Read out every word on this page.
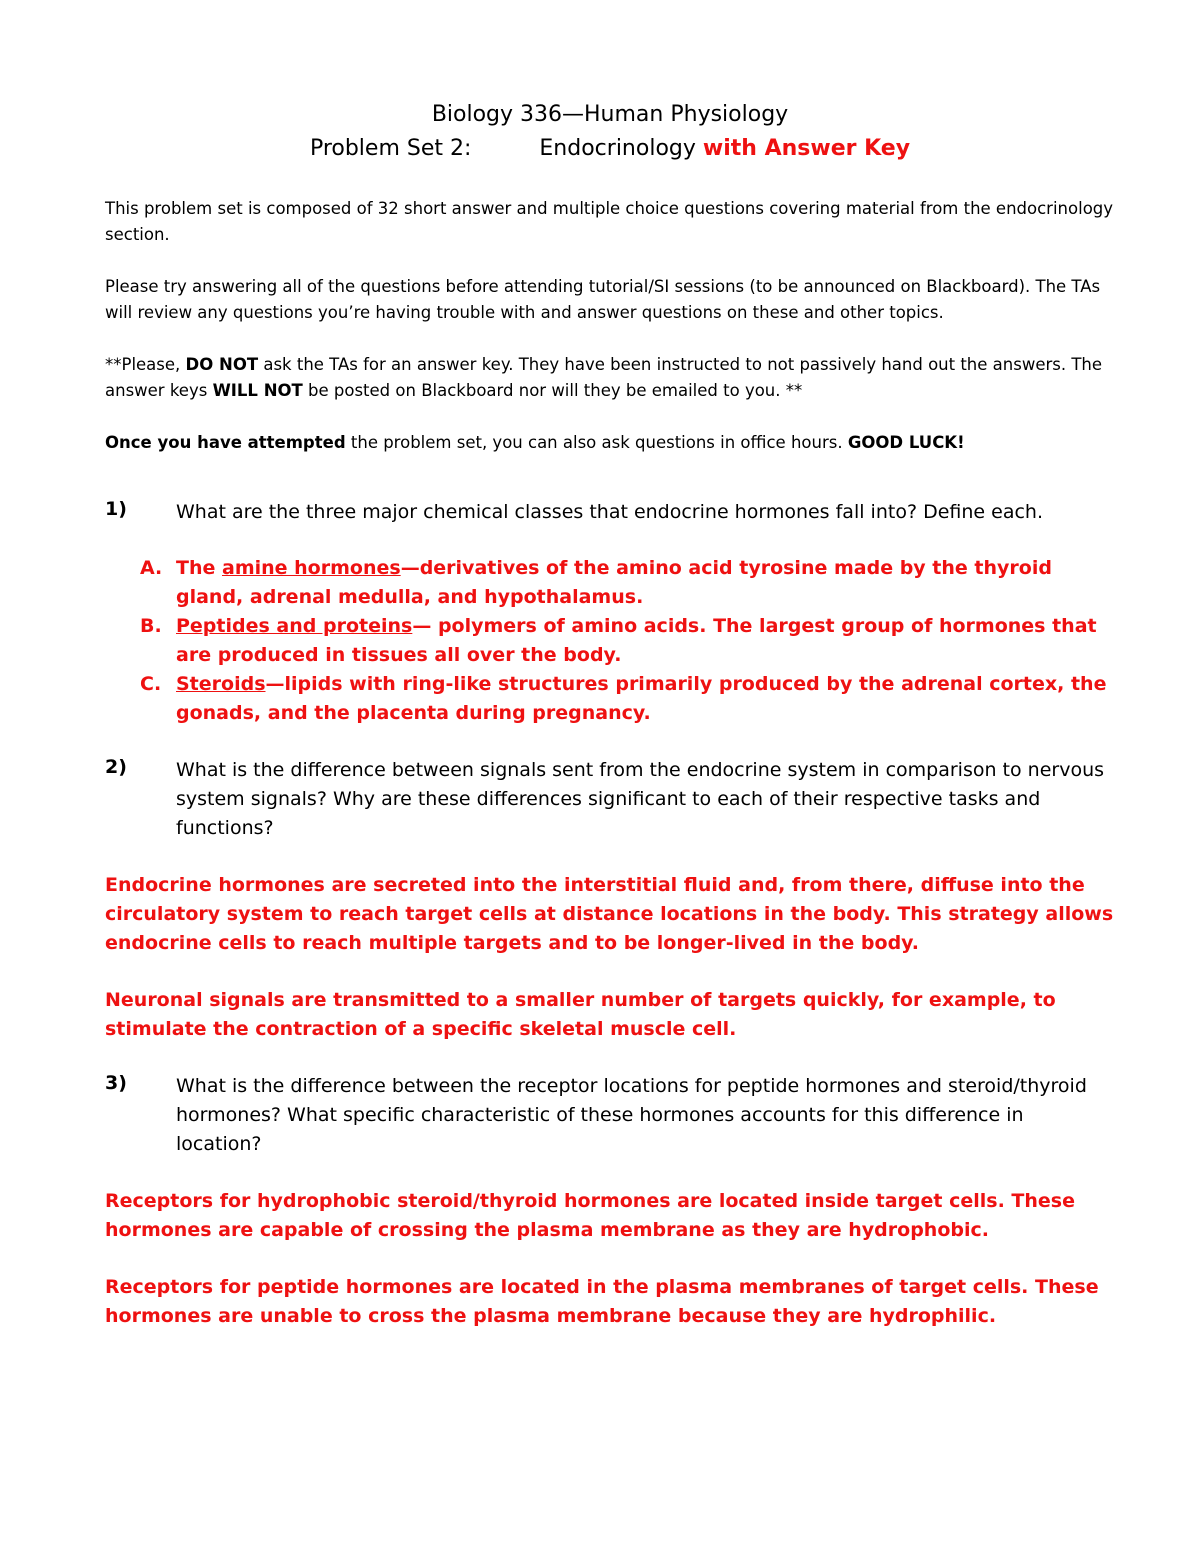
Biology 336—Human Physiology
Problem Set 2:	Endocrinology with Answer Key

This problem set is composed of 32 short answer and multiple choice questions covering material from the endocrinology section.

Please try answering all of the questions before attending tutorial/SI sessions (to be announced on Blackboard). The TAs will review any questions you’re having trouble with and answer questions on these and other topics.

**Please, DO NOT ask the TAs for an answer key. They have been instructed to not passively hand out the answers. The answer keys WILL NOT be posted on Blackboard nor will they be emailed to you. **

Once you have attempted the problem set, you can also ask questions in office hours. GOOD LUCK!

1)	What are the three major chemical classes that endocrine hormones fall into? Define each.
A. The amine hormones—derivatives of the amino acid tyrosine made by the thyroid gland, adrenal medulla, and hypothalamus.
B. Peptides and proteins— polymers of amino acids. The largest group of hormones that are produced in tissues all over the body.
C. Steroids—lipids with ring-like structures primarily produced by the adrenal cortex, the gonads, and the placenta during pregnancy.
2)	What is the difference between signals sent from the endocrine system in comparison to nervous system signals? Why are these differences significant to each of their respective tasks and functions?

Endocrine hormones are secreted into the interstitial fluid and, from there, diffuse into the circulatory system to reach target cells at distance locations in the body. This strategy allows endocrine cells to reach multiple targets and to be longer-lived in the body.

Neuronal signals are transmitted to a smaller number of targets quickly, for example, to stimulate the contraction of a specific skeletal muscle cell.

3)	What is the difference between the receptor locations for peptide hormones and steroid/thyroid hormones? What specific characteristic of these hormones accounts for this difference in location?

Receptors for hydrophobic steroid/thyroid hormones are located inside target cells. These hormones are capable of crossing the plasma membrane as they are hydrophobic.

Receptors for peptide hormones are located in the plasma membranes of target cells. These hormones are unable to cross the plasma membrane because they are hydrophilic.
